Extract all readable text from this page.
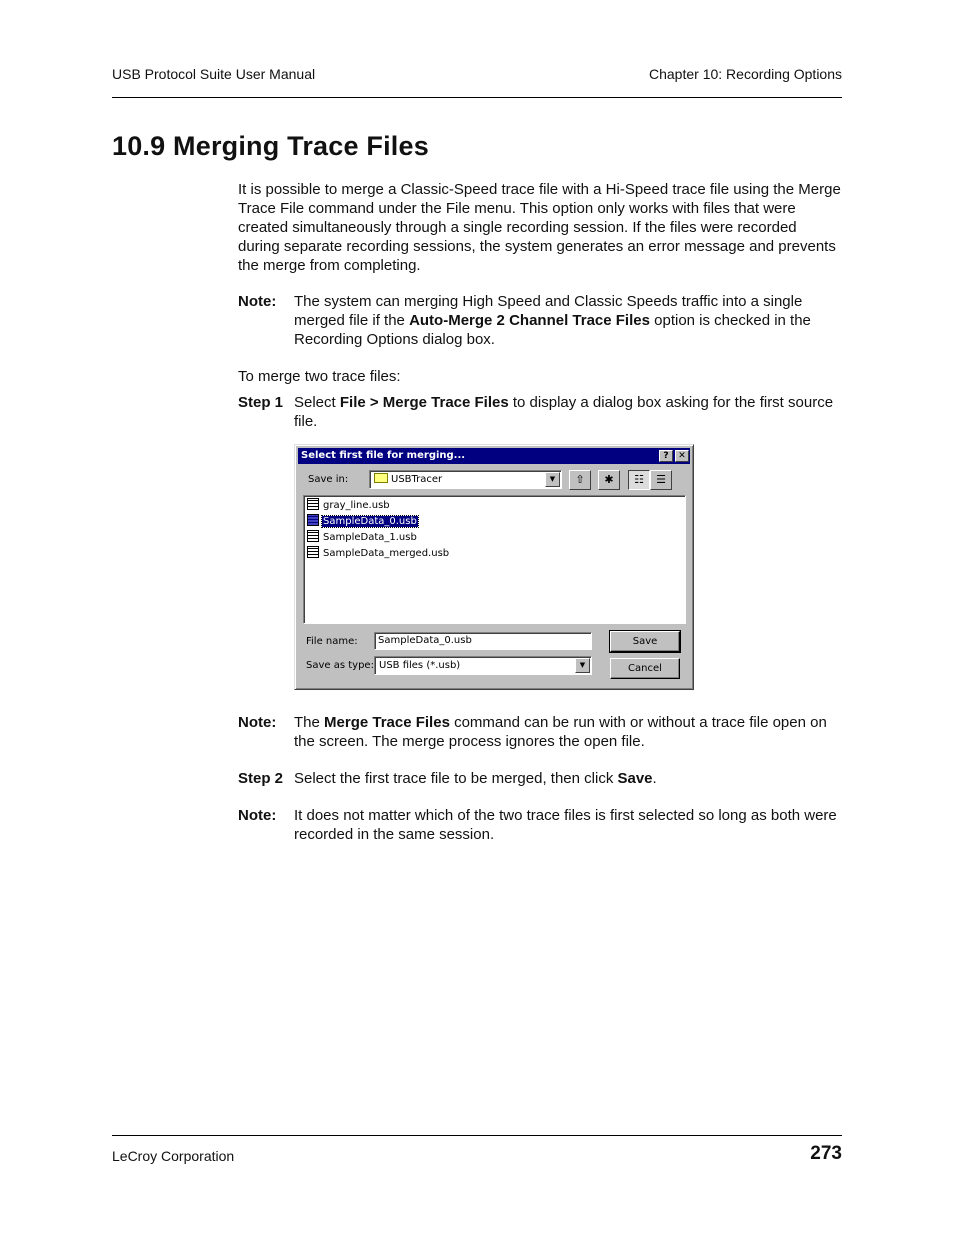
USB Protocol Suite User Manual	Chapter 10: Recording Options
10.9 Merging Trace Files

It is possible to merge a Classic-Speed trace file with a Hi-Speed trace file using the Merge Trace File command under the File menu. This option only works with files that were created simultaneously through a single recording session. If the files were recorded during separate recording sessions, the system generates an error message and prevents the merge from completing.

Note: The system can merging High Speed and Classic Speeds traffic into a single merged file if the Auto-Merge 2 Channel Trace Files option is checked in the Recording Options dialog box.
To merge two trace files:
Step 1 Select File > Merge Trace Files to display a dialog box asking for the first source file.
Select first file for merging...	?	✕
Save in:	USBTracer	▼	⇧	✱	☷	☰
gray_line.usb
SampleData_0.usb
SampleData_1.usb
SampleData_merged.usb
File name:	SampleData_0.usb	Save
Save as type: USB files (*.usb)	▼	Cancel
Note: The Merge Trace Files command can be run with or without a trace file open on the screen. The merge process ignores the open file.
Step 2 Select the first trace file to be merged, then click Save.
Note: It does not matter which of the two trace files is first selected so long as both were recorded in the same session.
LeCroy Corporation	273
